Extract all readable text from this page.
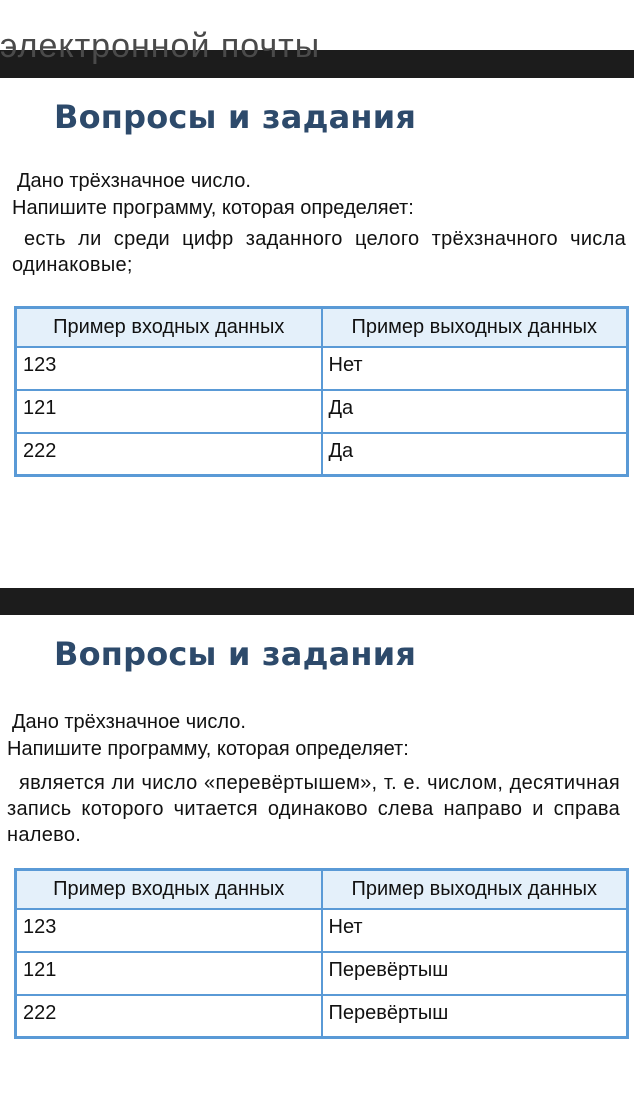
электронной почты
Вопросы и задания

Дано трёхзначное число.

Напишите программу, которая определяет:

есть ли среди цифр заданного целого трёхзначного числа одинаковые;

Пример входных данных	Пример выходных данных
123	Нет
121	Да
222	Да
Вопросы и задания

Дано трёхзначное число.

Напишите программу, которая определяет:

является ли число «перевёртышем», т. е. числом, десятичная запись которого читается одинаково слева направо и справа налево.

Пример входных данных	Пример выходных данных
123	Нет
121	Перевёртыш
222	Перевёртыш
